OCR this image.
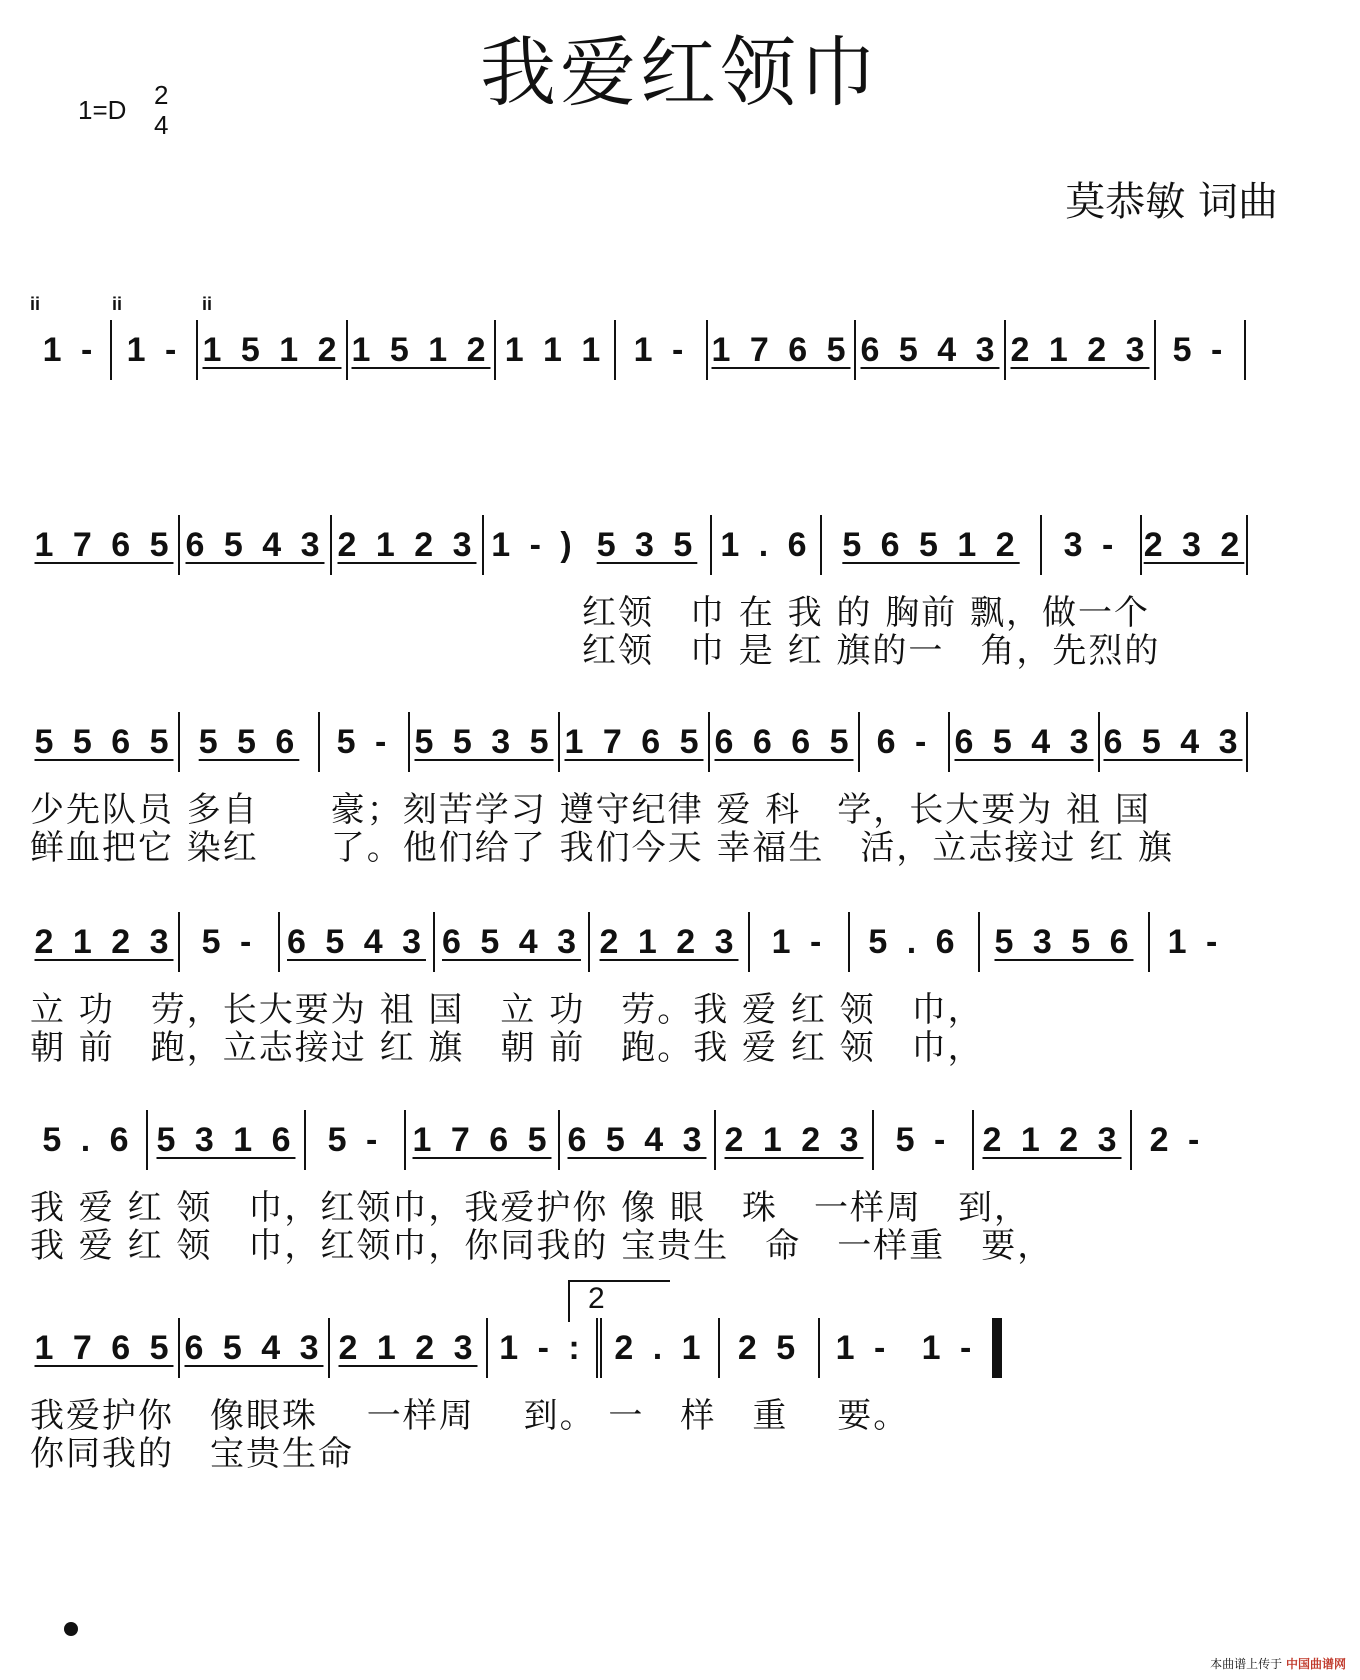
我爱红领巾
1=D 2
4
莫恭敏 词曲
ii	ii	ii
1 - 1 - 1 5 1 2 1 5 1 2 1 1 1 1 - 1 7 6 5 6 5 4 3 2 1 2 3 5 -
1 7 6 5 6 5 4 3 2 1 2 3 1 - ) 5 3 5 1 . 6 5 6 5 1 2	3 - 2 3 2
红领　巾 在 我 的 胸前 飘，做一个
红领　巾 是 红 旗的一　角，先烈的
5 5 6 5 5 5 6	5 - 5 5 3 5 1 7 6 5 6 6 6 5 6 - 6 5 4 3 6 5 4 3
少先队员 多自　　豪；刻苦学习 遵守纪律 爱 科　学，长大要为 祖 国
鲜血把它 染红　　了。他们给了 我们今天 幸福生　活，立志接过 红 旗
2 1 2 3 5 - 6 5 4 3 6 5 4 3 2 1 2 3 1 -	5 . 6	5 3 5 6	1 -
立 功　劳，长大要为 祖 国　立 功　劳。我 爱 红 领　巾，
朝 前　跑，立志接过 红 旗　朝 前　跑。我 爱 红 领　巾，
5 . 6 5 3 1 6 5 - 1 7 6 5 6 5 4 3 2 1 2 3 5 - 2 1 2 3 2 -
我 爱 红 领　巾，红领巾，我爱护你 像 眼　珠　一样周　到，
我 爱 红 领　巾，红领巾，你同我的 宝贵生　命　一样重　要，
2
1 7 6 5 6 5 4 3 2 1 2 3 1 - : 2 . 1 2 5	1 - 1 -
我爱护你　像眼珠　 一样周　 到。 一　样　重　 要。
你同我的　宝贵生命
本曲谱上传于 中国曲谱网
